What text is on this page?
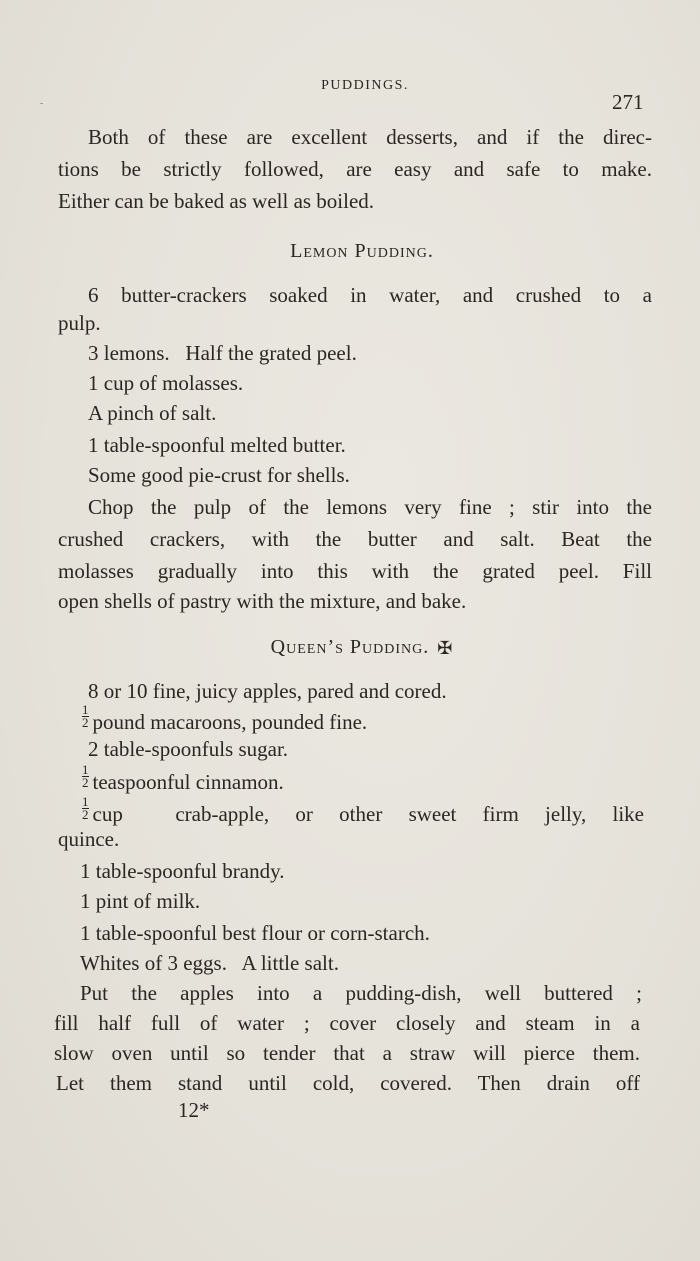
-
PUDDINGS.
271
Both of these are excellent desserts, and if the direc-
tions be strictly followed, are easy and safe to make.
Either can be baked as well as boiled.
Lemon Pudding.
6 butter-crackers soaked in water, and crushed to a
pulp.
3 lemons.   Half the grated peel.
1 cup of molasses.
A pinch of salt.
1 table-spoonful melted butter.
Some good pie-crust for shells.
Chop the pulp of the lemons very fine ; stir into the
crushed crackers, with the butter and salt. Beat the
molasses gradually into this with the grated peel. Fill
open shells of pastry with the mixture, and bake.
Queen’s Pudding. ✠
8 or 10 fine, juicy apples, pared and cored.
$\frac{1}{2}$ pound macaroons, pounded fine.
2 table-spoonfuls sugar.
$\frac{1}{2}$ teaspoonful cinnamon.
$\frac{1}{2}$ cup  crab-apple, or other sweet firm jelly, like
quince.
1 table-spoonful brandy.
1 pint of milk.
1 table-spoonful best flour or corn-starch.
Whites of 3 eggs.   A little salt.
Put the apples into a pudding-dish, well buttered ;
fill half full of water ; cover closely and steam in a
slow oven until so tender that a straw will pierce them.
Let them stand until cold, covered. Then drain off
12*
